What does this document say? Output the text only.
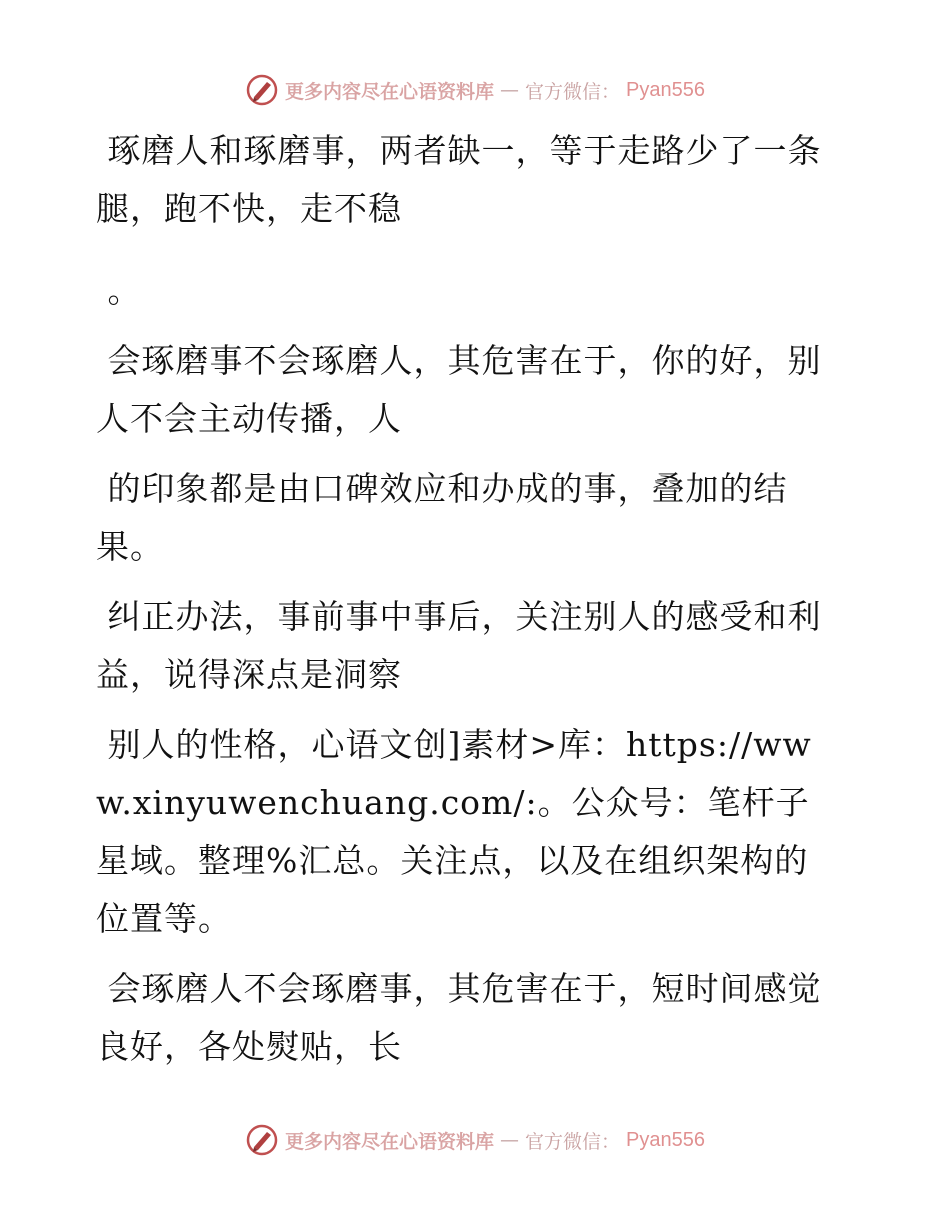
更多内容尽在心语资料库 — 官方微信： Pyan556

琢磨人和琢磨事，两者缺一，等于走路少了一条腿，跑不快，走不稳

。

会琢磨事不会琢磨人，其危害在于，你的好，别人不会主动传播，人

的印象都是由口碑效应和办成的事，叠加的结果。

纠正办法，事前事中事后，关注别人的感受和利益，说得深点是洞察

别人的性格，心语文创]素材>库：https://www.xinyuwenchuang.com/:。公众号：笔杆子星域。整理%汇总。关注点，以及在组织架构的位置等。

会琢磨人不会琢磨事，其危害在于，短时间感觉良好，各处熨贴，长

更多内容尽在心语资料库 — 官方微信： Pyan556
